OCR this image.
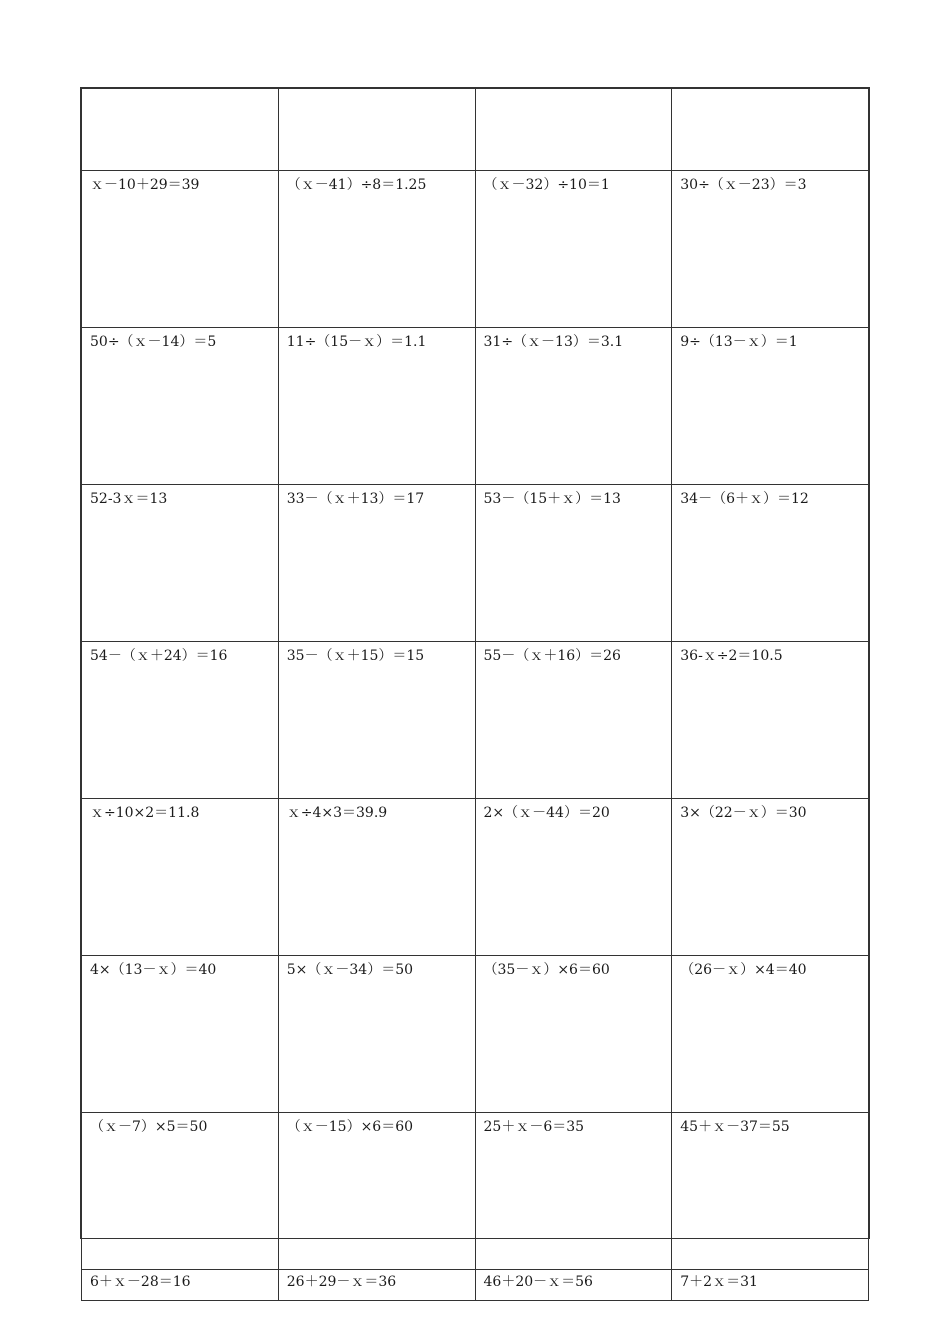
ｘ－10＋29＝39	（ｘ－41）÷8＝1.25	（ｘ－32）÷10＝1	30÷（ｘ－23）＝3
50÷（ｘ－14）＝5	11÷（15－ｘ）＝1.1	31÷（ｘ－13）＝3.1	9÷（13－ｘ）＝1
52-3ｘ＝13	33－（ｘ＋13）＝17	53－（15＋ｘ）＝13	34－（6＋ｘ）＝12
54－（ｘ＋24）＝16	35－（ｘ＋15）＝15	55－（ｘ＋16）＝26	36-ｘ÷2＝10.5
ｘ÷10×2＝11.8	ｘ÷4×3＝39.9	2×（ｘ－44）＝20	3×（22－ｘ）＝30
4×（13－ｘ）＝40	5×（ｘ－34）＝50	（35－ｘ）×6＝60	（26－ｘ）×4＝40
（ｘ－7）×5＝50	（ｘ－15）×6＝60	25＋ｘ－6＝35	45＋ｘ－37＝55
6＋ｘ－28＝16	26＋29－ｘ＝36	46＋20－ｘ＝56	7＋2ｘ＝31
